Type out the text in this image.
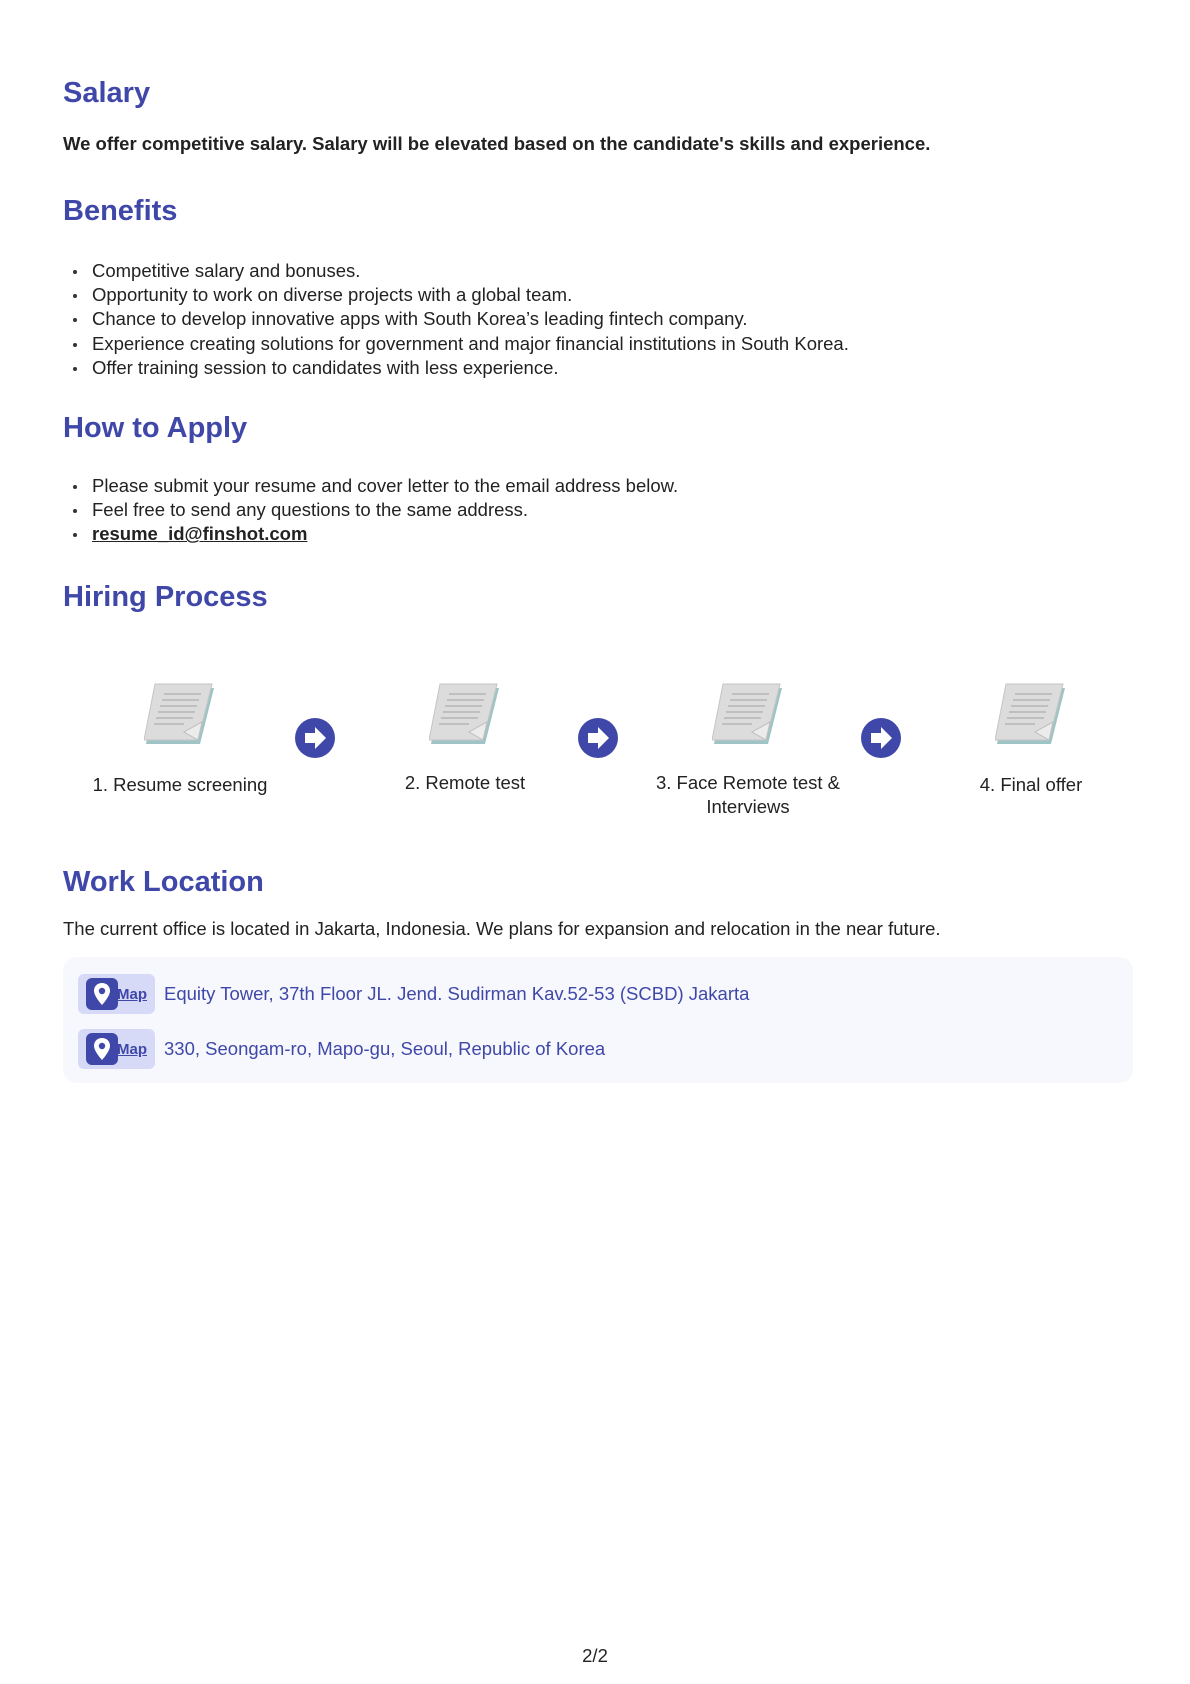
Salary
We offer competitive salary. Salary will be elevated based on the candidate's skills and experience.
Benefits
Competitive salary and bonuses.
Opportunity to work on diverse projects with a global team.
Chance to develop innovative apps with South Korea’s leading fintech company.
Experience creating solutions for government and major financial institutions in South Korea.
Offer training session to candidates with less experience.
How to Apply
Please submit your resume and cover letter to the email address below.
Feel free to send any questions to the same address.
resume_id@finshot.com
Hiring Process
1. Resume screening	2. Remote test	3. Face Remote test & Interviews
4. Final offer
Work Location
The current office is located in Jakarta, Indonesia. We plans for expansion and relocation in the near future.
Map Equity Tower, 37th Floor JL. Jend. Sudirman Kav.52-53 (SCBD) Jakarta
Map 330, Seongam-ro, Mapo-gu, Seoul, Republic of Korea
2/2
